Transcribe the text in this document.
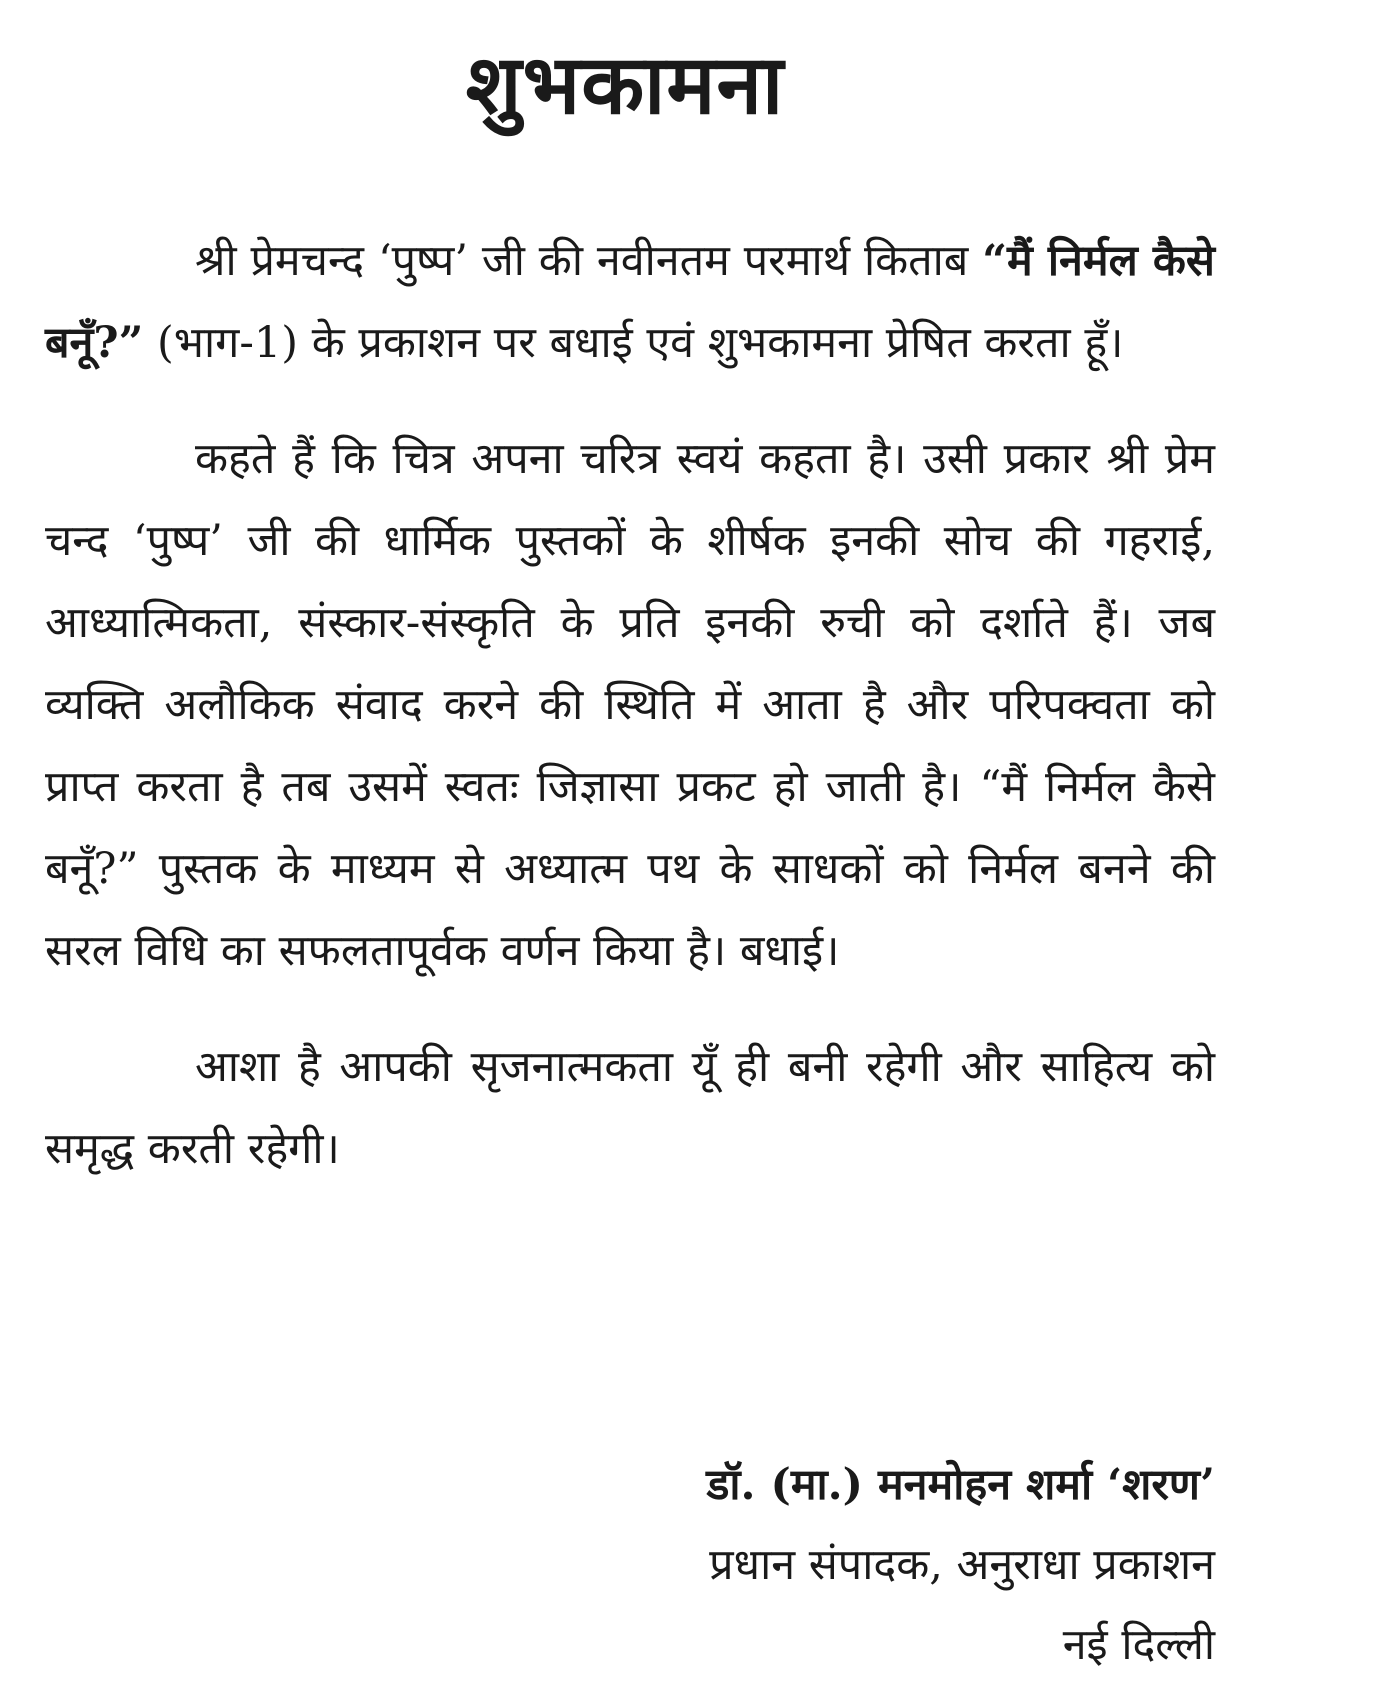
शुभकामना

श्री प्रेमचन्द ‘पुष्प’ जी की नवीनतम परमार्थ किताब “मैं निर्मल कैसे बनूँ?” (भाग-1) के प्रकाशन पर बधाई एवं शुभकामना प्रेषित करता हूँ।

कहते हैं कि चित्र अपना चरित्र स्वयं कहता है। उसी प्रकार श्री प्रेम चन्द ‘पुष्प’ जी की धार्मिक पुस्तकों के शीर्षक इनकी सोच की गहराई, आध्यात्मिकता, संस्कार-संस्कृति के प्रति इनकी रुची को दर्शाते हैं। जब व्यक्ति अलौकिक संवाद करने की स्थिति में आता है और परिपक्वता को प्राप्त करता है तब उसमें स्वतः जिज्ञासा प्रकट हो जाती है। “मैं निर्मल कैसे बनूँ?” पुस्तक के माध्यम से अध्यात्म पथ के साधकों को निर्मल बनने की सरल विधि का सफलतापूर्वक वर्णन किया है। बधाई।

आशा है आपकी सृजनात्मकता यूँ ही बनी रहेगी और साहित्य को समृद्ध करती रहेगी।

डॉ. (मा.) मनमोहन शर्मा ‘शरण’

प्रधान संपादक, अनुराधा प्रकाशन

नई दिल्ली
